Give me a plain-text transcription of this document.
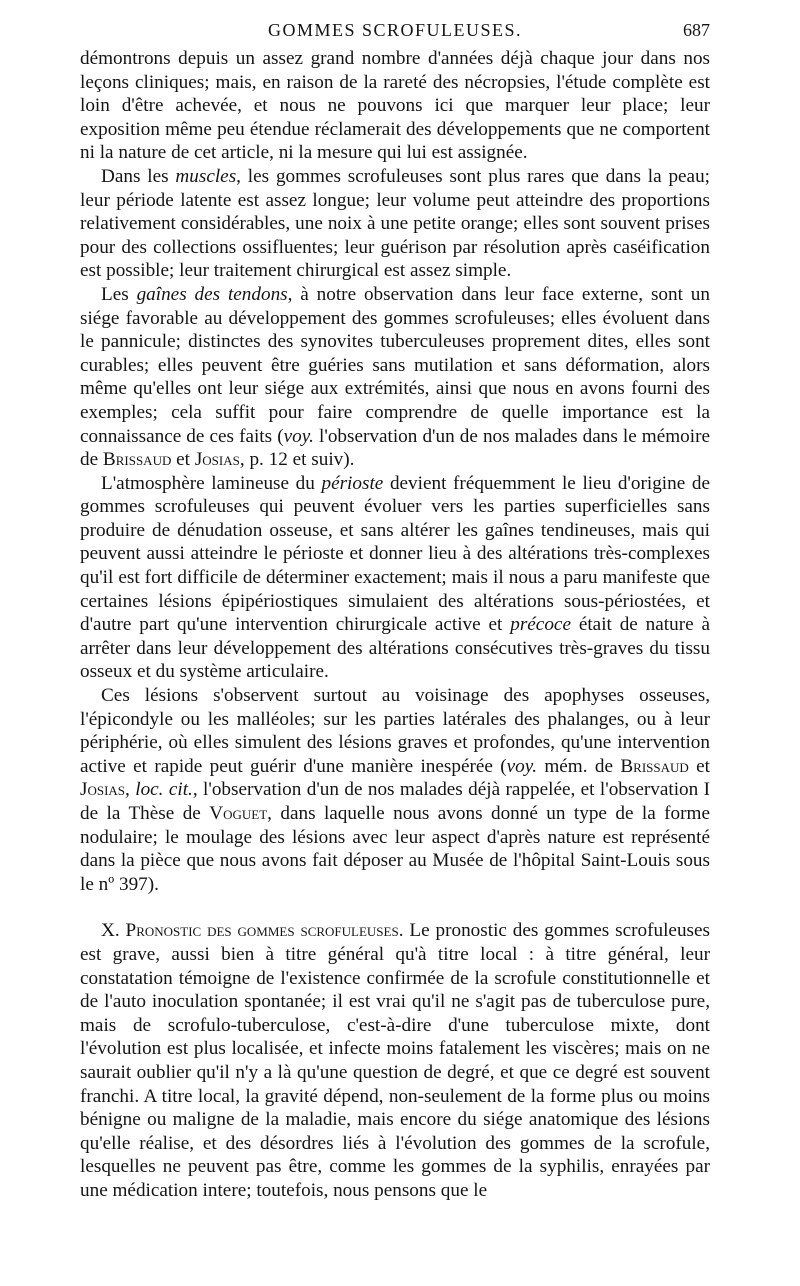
GOMMES SCROFULEUSES.	687

démontrons depuis un assez grand nombre d'années déjà chaque jour dans nos leçons cliniques; mais, en raison de la rareté des nécropsies, l'étude complète est loin d'être achevée, et nous ne pouvons ici que marquer leur place; leur exposition même peu étendue réclamerait des développements que ne comportent ni la nature de cet article, ni la mesure qui lui est assignée.

Dans les muscles, les gommes scrofuleuses sont plus rares que dans la peau; leur période latente est assez longue; leur volume peut atteindre des proportions relativement considérables, une noix à une petite orange; elles sont souvent prises pour des collections ossifluentes; leur guérison par résolution après caséification est possible; leur traitement chirurgical est assez simple.

Les gaînes des tendons, à notre observation dans leur face externe, sont un siége favorable au développement des gommes scrofuleuses; elles évoluent dans le pannicule; distinctes des synovites tuberculeuses proprement dites, elles sont curables; elles peuvent être guéries sans mutilation et sans déformation, alors même qu'elles ont leur siége aux extrémités, ainsi que nous en avons fourni des exemples; cela suffit pour faire comprendre de quelle importance est la connaissance de ces faits (voy. l'observation d'un de nos malades dans le mémoire de Brissaud et Josias, p. 12 et suiv).

L'atmosphère lamineuse du périoste devient fréquemment le lieu d'origine de gommes scrofuleuses qui peuvent évoluer vers les parties superficielles sans produire de dénudation osseuse, et sans altérer les gaînes tendineuses, mais qui peuvent aussi atteindre le périoste et donner lieu à des altérations très-complexes qu'il est fort difficile de déterminer exactement; mais il nous a paru manifeste que certaines lésions épipériostiques simulaient des altérations sous-périostées, et d'autre part qu'une intervention chirurgicale active et précoce était de nature à arrêter dans leur développement des altérations consécutives très-graves du tissu osseux et du système articulaire.

Ces lésions s'observent surtout au voisinage des apophyses osseuses, l'épicondyle ou les malléoles; sur les parties latérales des phalanges, ou à leur périphérie, où elles simulent des lésions graves et profondes, qu'une intervention active et rapide peut guérir d'une manière inespérée (voy. mém. de Brissaud et Josias, loc. cit., l'observation d'un de nos malades déjà rappelée, et l'observation I de la Thèse de Voguet, dans laquelle nous avons donné un type de la forme nodulaire; le moulage des lésions avec leur aspect d'après nature est représenté dans la pièce que nous avons fait déposer au Musée de l'hôpital Saint-Louis sous le nº 397).

X. Pronostic des gommes scrofuleuses. Le pronostic des gommes scrofuleuses est grave, aussi bien à titre général qu'à titre local : à titre général, leur constatation témoigne de l'existence confirmée de la scrofule constitutionnelle et de l'auto inoculation spontanée; il est vrai qu'il ne s'agit pas de tuberculose pure, mais de scrofulo-tuberculose, c'est-à-dire d'une tuberculose mixte, dont l'évolution est plus localisée, et infecte moins fatalement les viscères; mais on ne saurait oublier qu'il n'y a là qu'une question de degré, et que ce degré est souvent franchi. A titre local, la gravité dépend, non-seulement de la forme plus ou moins bénigne ou maligne de la maladie, mais encore du siége anatomique des lésions qu'elle réalise, et des désordres liés à l'évolution des gommes de la scrofule, lesquelles ne peuvent pas être, comme les gommes de la syphilis, enrayées par une médication intere; toutefois, nous pensons que le
